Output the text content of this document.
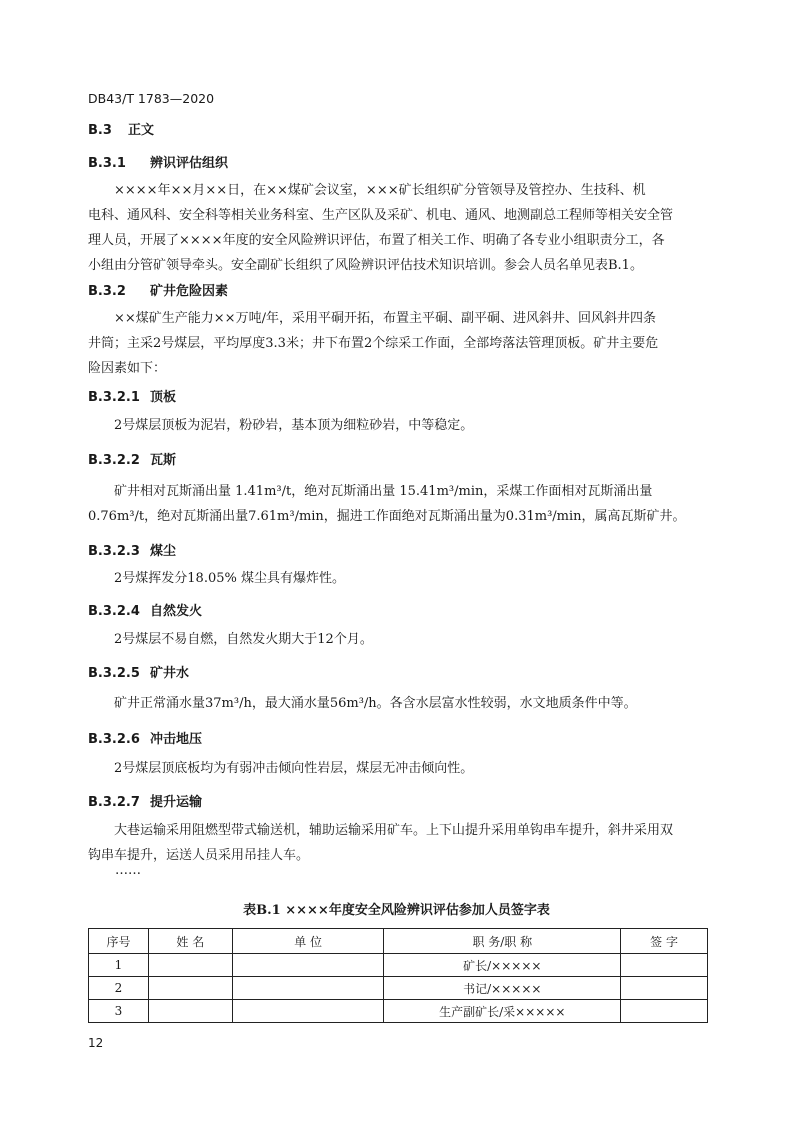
DB43/T 1783—2020
B.3 正文
B.3.1 辨识评估组织
××××年××月××日，在××煤矿会议室，×××矿长组织矿分管领导及管控办、生技科、机
电科、通风科、安全科等相关业务科室、生产区队及采矿、机电、通风、地测副总工程师等相关安全管
理人员，开展了××××年度的安全风险辨识评估，布置了相关工作、明确了各专业小组职责分工，各
小组由分管矿领导牵头。安全副矿长组织了风险辨识评估技术知识培训。参会人员名单见表B.1。
B.3.2 矿井危险因素
××煤矿生产能力××万吨/年，采用平硐开拓，布置主平硐、副平硐、进风斜井、回风斜井四条
井筒；主采2号煤层，平均厚度3.3米；井下布置2个综采工作面，全部垮落法管理顶板。矿井主要危
险因素如下：
B.3.2.1 顶板
2号煤层顶板为泥岩，粉砂岩，基本顶为细粒砂岩，中等稳定。
B.3.2.2 瓦斯
矿井相对瓦斯涌出量 1.41m³/t，绝对瓦斯涌出量 15.41m³/min，采煤工作面相对瓦斯涌出量
0.76m³/t，绝对瓦斯涌出量7.61m³/min，掘进工作面绝对瓦斯涌出量为0.31m³/min，属高瓦斯矿井。
B.3.2.3 煤尘
2号煤挥发分18.05% 煤尘具有爆炸性。
B.3.2.4 自然发火
2号煤层不易自燃，自然发火期大于12个月。
B.3.2.5 矿井水
矿井正常涌水量37m³/h，最大涌水量56m³/h。各含水层富水性较弱，水文地质条件中等。
B.3.2.6 冲击地压
2号煤层顶底板均为有弱冲击倾向性岩层，煤层无冲击倾向性。
B.3.2.7 提升运输
大巷运输采用阻燃型带式输送机，辅助运输采用矿车。上下山提升采用单钩串车提升，斜井采用双
钩串车提升，运送人员采用吊挂人车。
……
表B.1 ××××年度安全风险辨识评估参加人员签字表
序号	姓 名	单 位	职 务/职 称	签 字
1			矿长/×××××	
2			书记/×××××	
3			生产副矿长/采×××××	
12
